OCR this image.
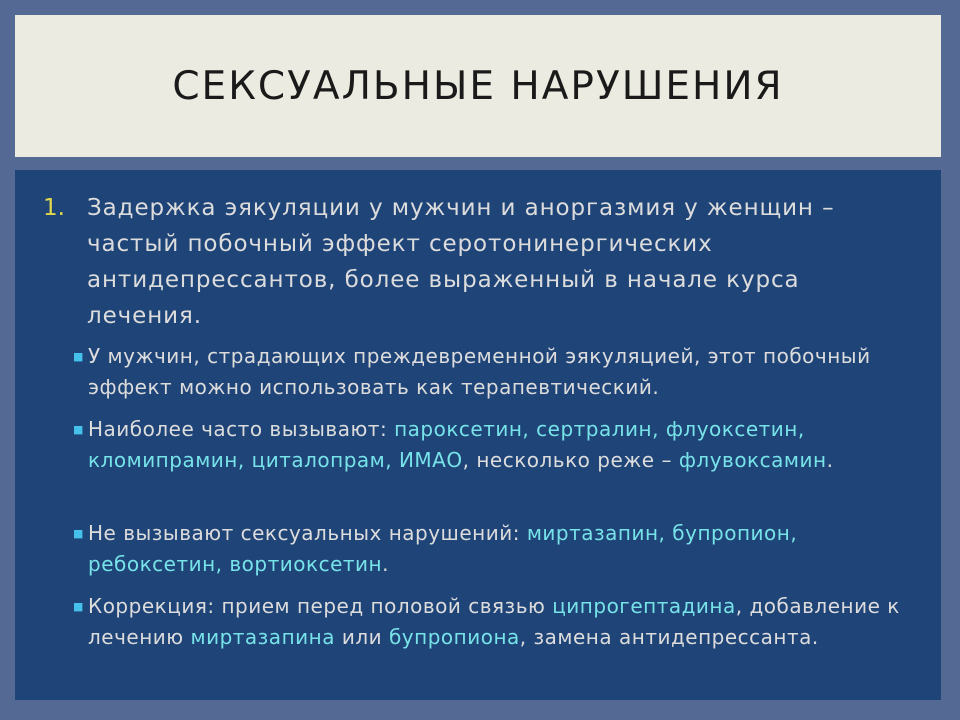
СЕКСУАЛЬНЫЕ НАРУШЕНИЯ
1. Задержка эякуляции у мужчин и аноргазмия у женщин – частый побочный эффект серотонинергических антидепрессантов, более выраженный в начале курса лечения.
■ У мужчин, страдающих преждевременной эякуляцией, этот побочный эффект можно использовать как терапевтический.
■ Наиболее часто вызывают: пароксетин, сертралин, флуоксетин, кломипрамин, циталопрам, ИМАО, несколько реже – флувоксамин.
■ Не вызывают сексуальных нарушений: миртазапин, бупропион, ребоксетин, вортиоксетин.
■ Коррекция: прием перед половой связью ципрогептадина, добавление к лечению миртазапина или бупропиона, замена антидепрессанта.
